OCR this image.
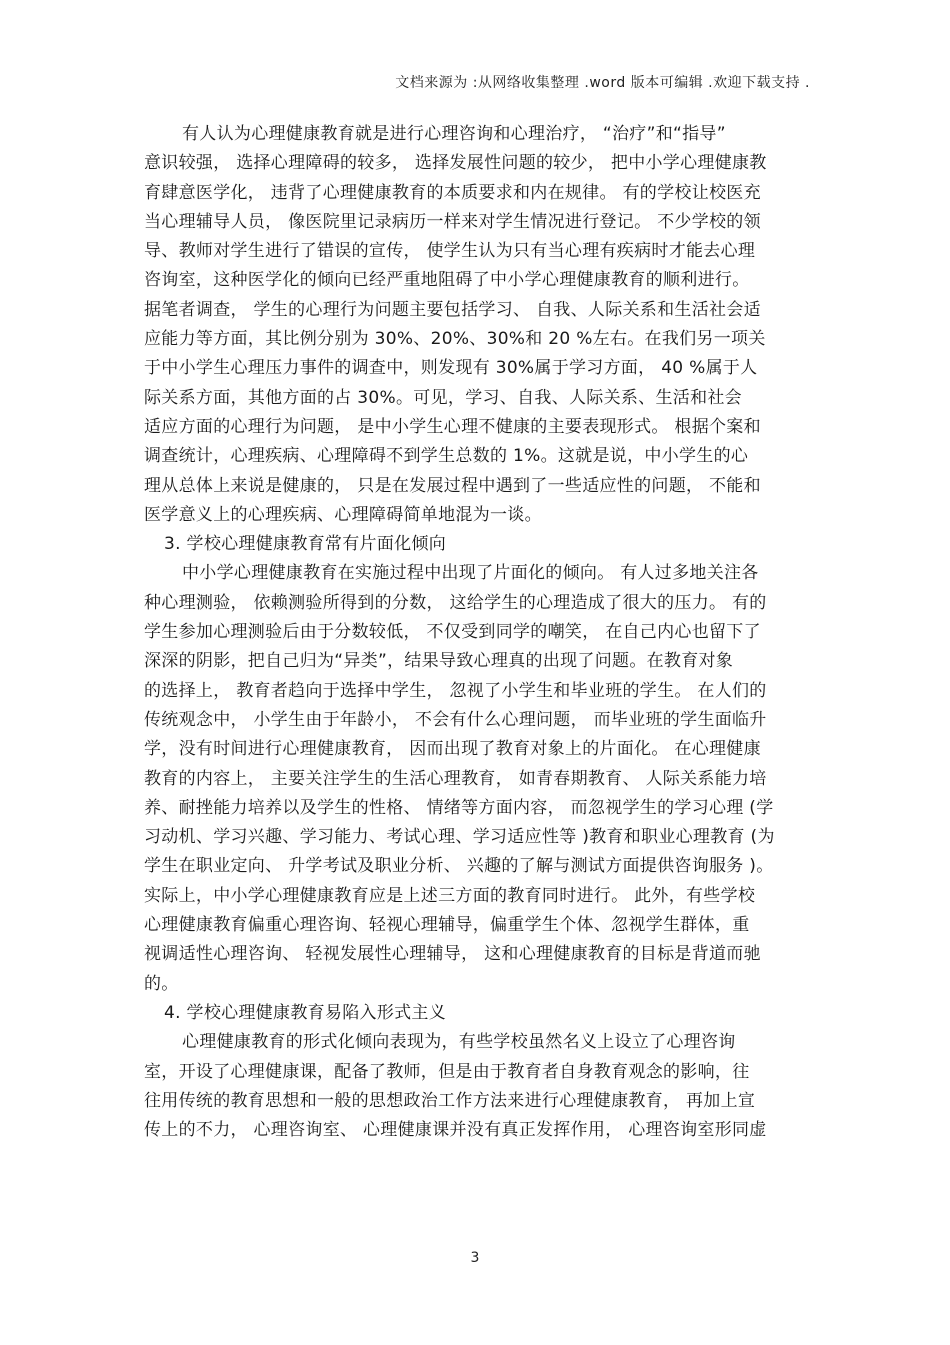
文档来源为 :从网络收集整理 .word 版本可编辑 .欢迎下载支持 .
有人认为心理健康教育就是进行心理咨询和心理治疗， “治疗”和“指导”
意识较强， 选择心理障碍的较多， 选择发展性问题的较少， 把中小学心理健康教
育肆意医学化， 违背了心理健康教育的本质要求和内在规律。 有的学校让校医充
当心理辅导人员， 像医院里记录病历一样来对学生情况进行登记。 不少学校的领
导、教师对学生进行了错误的宣传， 使学生认为只有当心理有疾病时才能去心理
咨询室，这种医学化的倾向已经严重地阻碍了中小学心理健康教育的顺利进行。
据笔者调查， 学生的心理行为问题主要包括学习、 自我、人际关系和生活社会适
应能力等方面，其比例分别为 30%、20%、30%和 20 %左右。在我们另一项关
于中小学生心理压力事件的调查中，则发现有 30%属于学习方面， 40 %属于人
际关系方面，其他方面的占 30%。可见，学习、自我、人际关系、生活和社会
适应方面的心理行为问题， 是中小学生心理不健康的主要表现形式。 根据个案和
调查统计，心理疾病、心理障碍不到学生总数的 1%。这就是说，中小学生的心
理从总体上来说是健康的， 只是在发展过程中遇到了一些适应性的问题， 不能和
医学意义上的心理疾病、心理障碍简单地混为一谈。
3. 学校心理健康教育常有片面化倾向
中小学心理健康教育在实施过程中出现了片面化的倾向。 有人过多地关注各
种心理测验， 依赖测验所得到的分数， 这给学生的心理造成了很大的压力。 有的
学生参加心理测验后由于分数较低， 不仅受到同学的嘲笑， 在自己内心也留下了
深深的阴影，把自己归为“异类”，结果导致心理真的出现了问题。在教育对象
的选择上， 教育者趋向于选择中学生， 忽视了小学生和毕业班的学生。 在人们的
传统观念中， 小学生由于年龄小， 不会有什么心理问题， 而毕业班的学生面临升
学，没有时间进行心理健康教育， 因而出现了教育对象上的片面化。 在心理健康
教育的内容上， 主要关注学生的生活心理教育， 如青春期教育、 人际关系能力培
养、耐挫能力培养以及学生的性格、 情绪等方面内容， 而忽视学生的学习心理 (学
习动机、学习兴趣、学习能力、考试心理、学习适应性等 )教育和职业心理教育 (为
学生在职业定向、 升学考试及职业分析、 兴趣的了解与测试方面提供咨询服务 )。
实际上，中小学心理健康教育应是上述三方面的教育同时进行。 此外，有些学校
心理健康教育偏重心理咨询、轻视心理辅导，偏重学生个体、忽视学生群体，重
视调适性心理咨询、 轻视发展性心理辅导， 这和心理健康教育的目标是背道而驰
的。
4. 学校心理健康教育易陷入形式主义
心理健康教育的形式化倾向表现为，有些学校虽然名义上设立了心理咨询
室，开设了心理健康课，配备了教师，但是由于教育者自身教育观念的影响，往
往用传统的教育思想和一般的思想政治工作方法来进行心理健康教育， 再加上宣
传上的不力， 心理咨询室、 心理健康课并没有真正发挥作用， 心理咨询室形同虚
3
